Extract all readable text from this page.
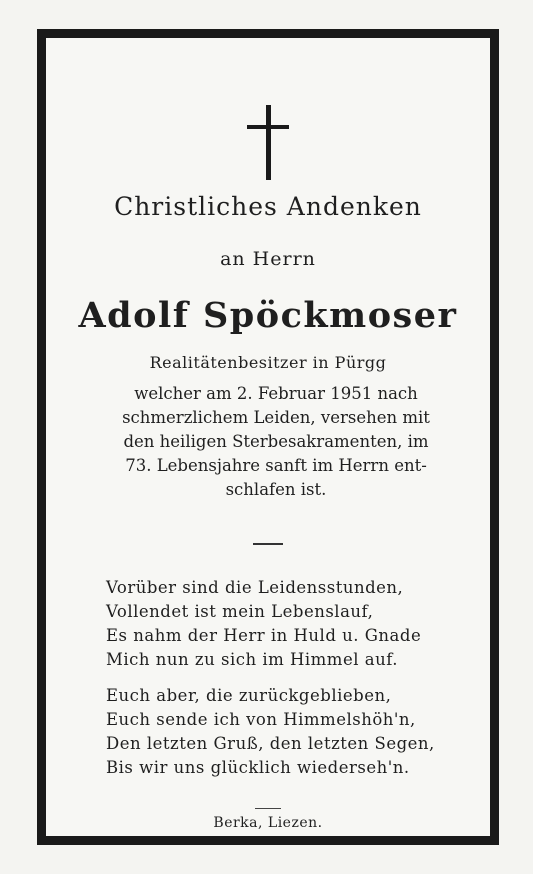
Christliches Andenken
an Herrn
Adolf Spöckmoser
Realitätenbesitzer in Pürgg
welcher am 2. Februar 1951 nach
schmerzlichem Leiden, versehen mit
den heiligen Sterbesakramenten, im
73. Lebensjahre sanft im Herrn ent-
schlafen ist.
Vorüber sind die Leidensstunden,
Vollendet ist mein Lebenslauf,
Es nahm der Herr in Huld u. Gnade
Mich nun zu sich im Himmel auf.
Euch aber, die zurückgeblieben,
Euch sende ich von Himmelshöh'n,
Den letzten Gruß, den letzten Segen,
Bis wir uns glücklich wiederseh'n.
Berka, Liezen.
